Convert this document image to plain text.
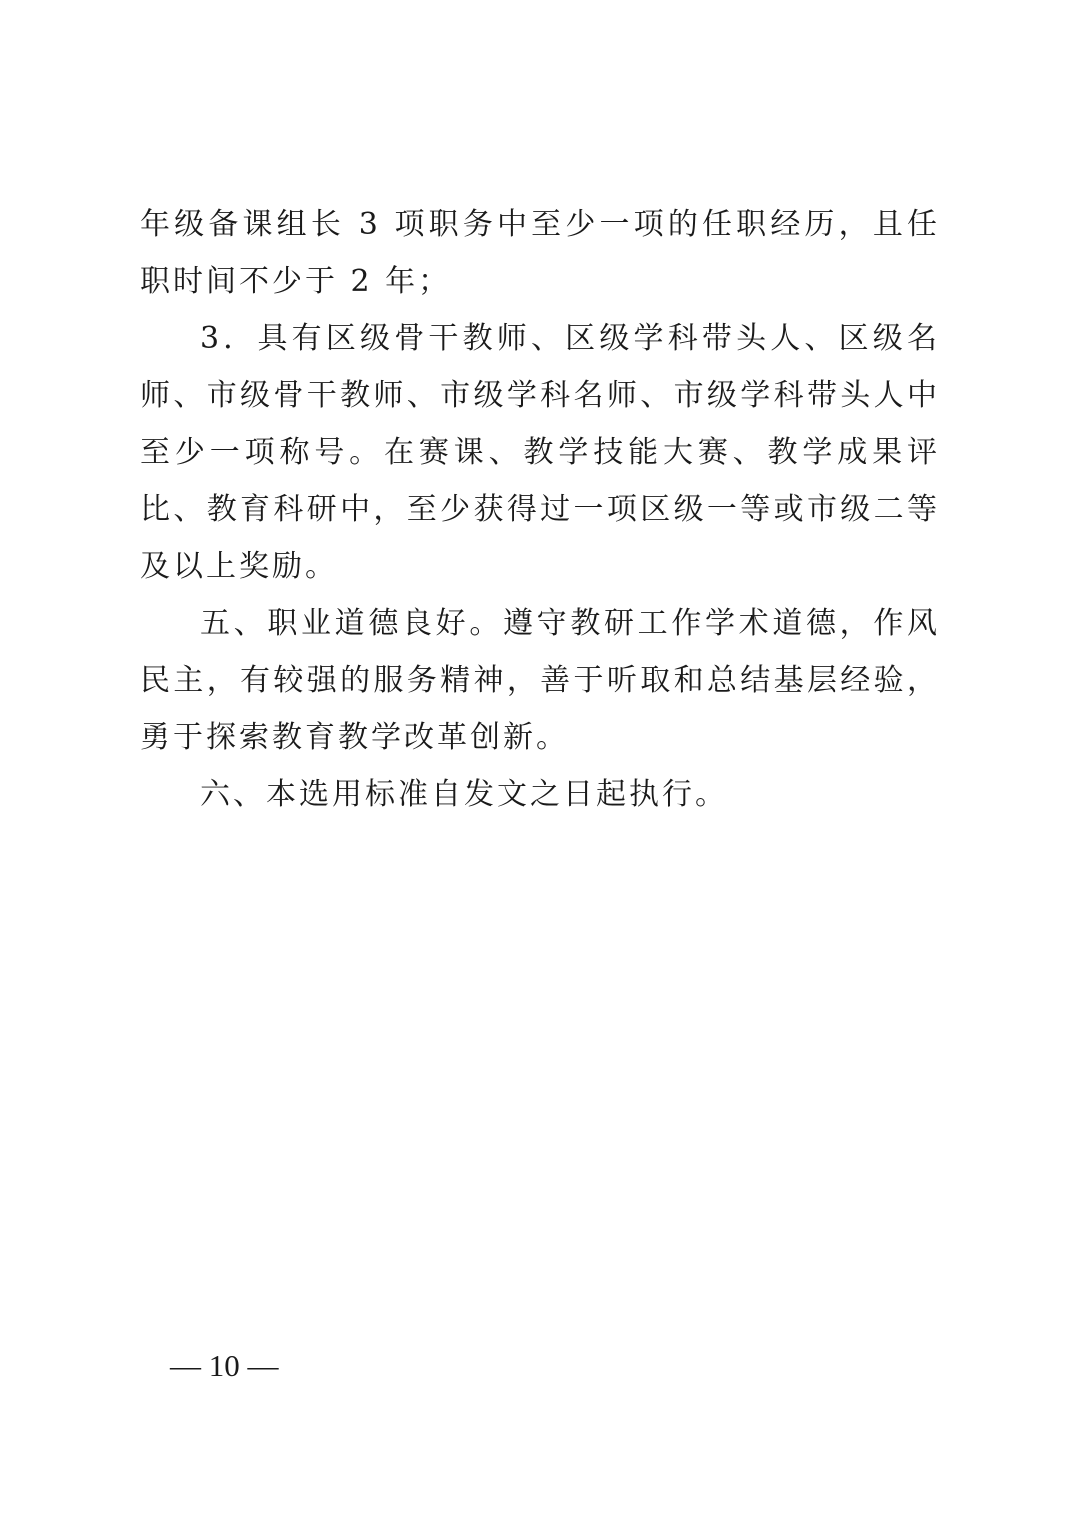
年级备课组长 3 项职务中至少一项的任职经历，且任职时间不少于 2 年；

3．具有区级骨干教师、区级学科带头人、区级名师、市级骨干教师、市级学科名师、市级学科带头人中至少一项称号。在赛课、教学技能大赛、教学成果评比、教育科研中，至少获得过一项区级一等或市级二等及以上奖励。

五、职业道德良好。遵守教研工作学术道德，作风民主，有较强的服务精神，善于听取和总结基层经验，勇于探索教育教学改革创新。

六、本选用标准自发文之日起执行。

— 10 —
